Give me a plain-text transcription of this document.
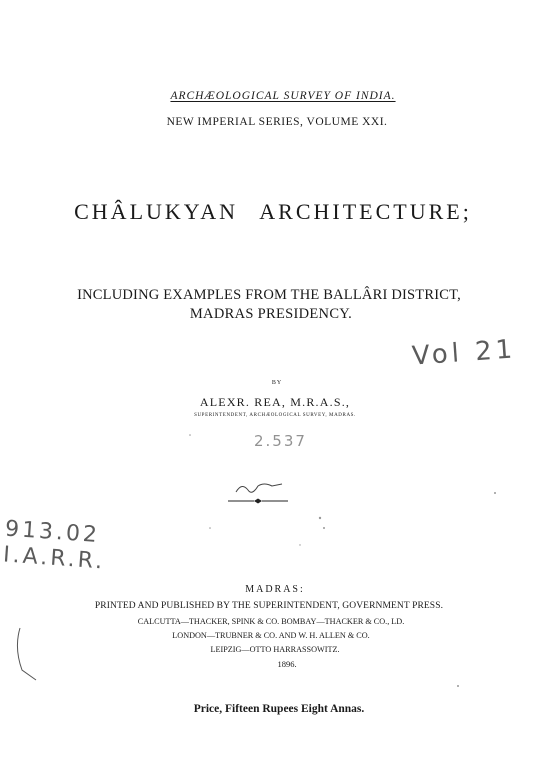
ARCHÆOLOGICAL SURVEY OF INDIA.
NEW IMPERIAL SERIES, VOLUME XXI.
CHÂLUKYAN ARCHITECTURE;
INCLUDING EXAMPLES FROM THE BALLÂRI DISTRICT,
MADRAS PRESIDENCY.
Vol 21
BY
ALEXR. REA, M.R.A.S.,
SUPERINTENDENT, ARCHÆOLOGICAL SURVEY, MADRAS.
2.537
913.02
I.A.R.R.
MADRAS:
PRINTED AND PUBLISHED BY THE SUPERINTENDENT, GOVERNMENT PRESS.
CALCUTTA—THACKER, SPINK & CO. BOMBAY—THACKER & CO., LD.
LONDON—TRUBNER & CO. AND W. H. ALLEN & CO.
LEIPZIG—OTTO HARRASSOWITZ.
1896.
Price, Fifteen Rupees Eight Annas.
